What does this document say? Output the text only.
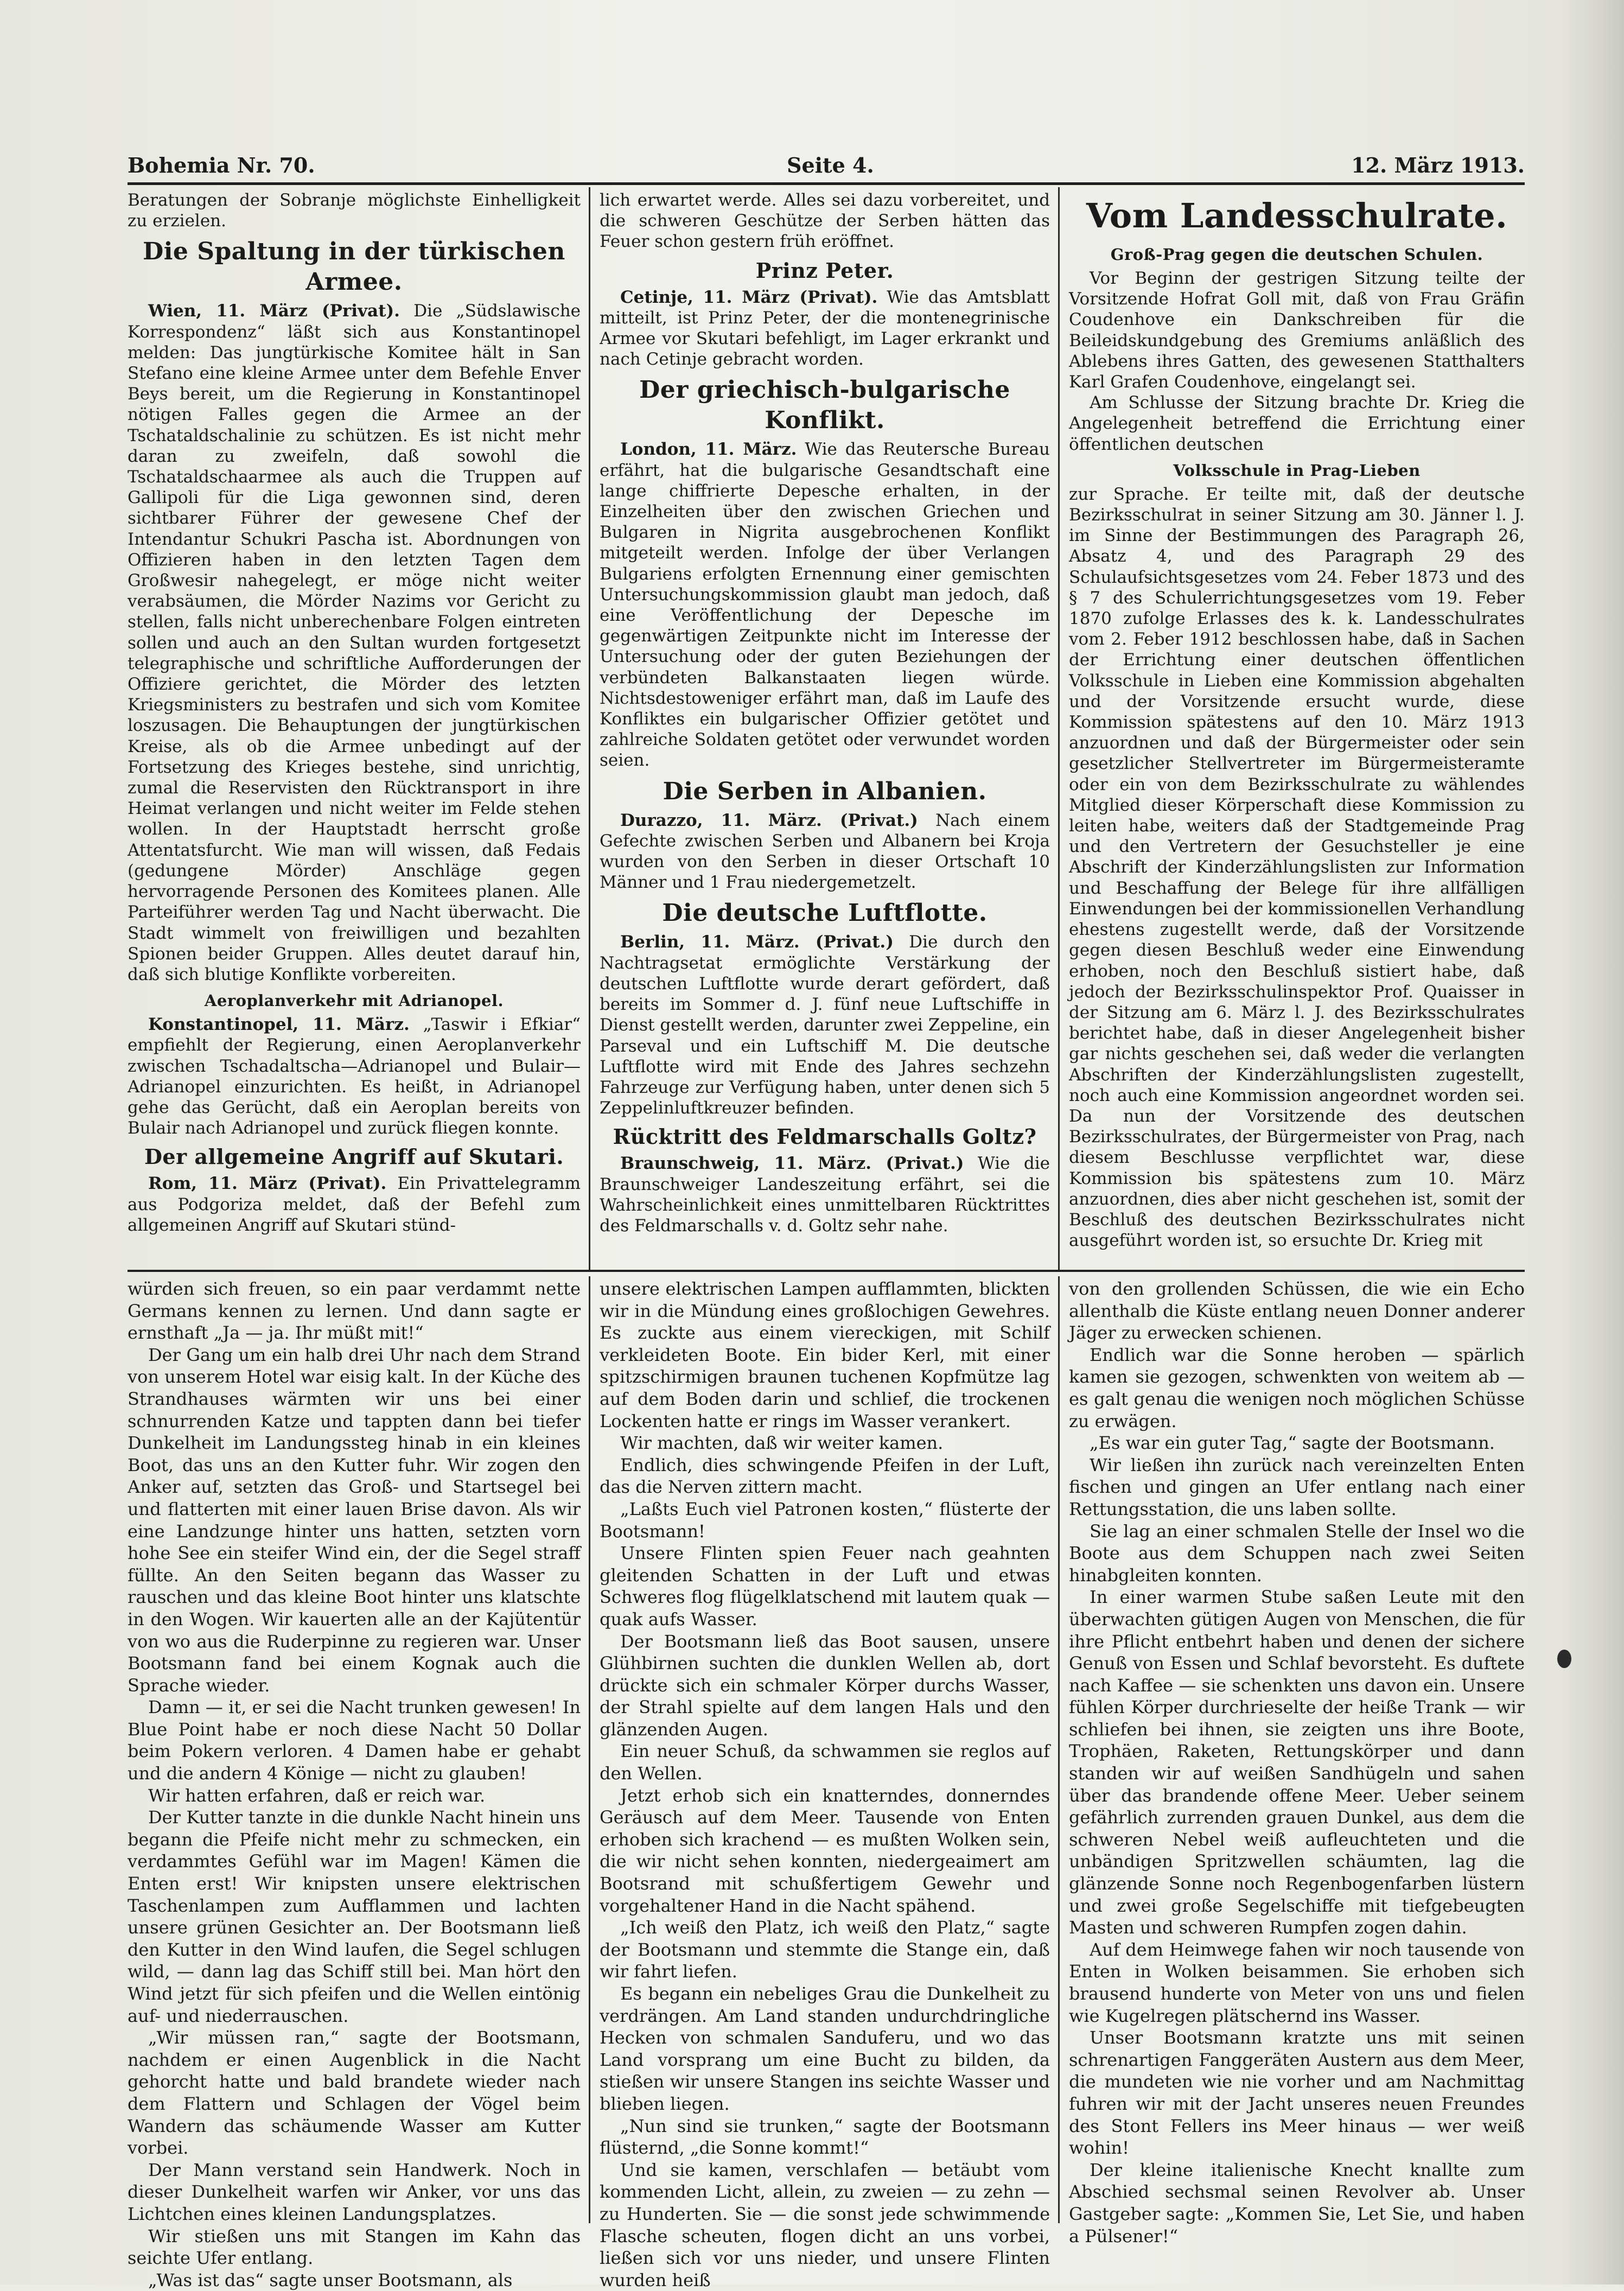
Bohemia Nr. 70.	Seite 4.	12. März 1913.

Beratungen der Sobranje möglichste Einhelligkeit zu erzielen.

Die Spaltung in der türkischen Armee.

Wien, 11. März (Privat). Die „Südslawische Korrespondenz“ läßt sich aus Konstantinopel melden: Das jungtürkische Komitee hält in San Stefano eine kleine Armee unter dem Befehle Enver Beys bereit, um die Regierung in Konstantinopel nötigen Falles gegen die Armee an der Tschataldschalinie zu schützen. Es ist nicht mehr daran zu zweifeln, daß sowohl die Tschataldschaarmee als auch die Truppen auf Gallipoli für die Liga gewonnen sind, deren sichtbarer Führer der gewesene Chef der Intendantur Schukri Pascha ist. Abordnungen von Offizieren haben in den letzten Tagen dem Großwesir nahegelegt, er möge nicht weiter verabsäumen, die Mörder Nazims vor Gericht zu stellen, falls nicht unberechenbare Folgen eintreten sollen und auch an den Sultan wurden fortgesetzt telegraphische und schriftliche Aufforderungen der Offiziere gerichtet, die Mörder des letzten Kriegsministers zu bestrafen und sich vom Komitee loszusagen. Die Behauptungen der jungtürkischen Kreise, als ob die Armee unbedingt auf der Fortsetzung des Krieges bestehe, sind unrichtig, zumal die Reservisten den Rücktransport in ihre Heimat verlangen und nicht weiter im Felde stehen wollen. In der Hauptstadt herrscht große Attentatsfurcht. Wie man will wissen, daß Fedais (gedungene Mörder) Anschläge gegen hervorragende Personen des Komitees planen. Alle Parteiführer werden Tag und Nacht überwacht. Die Stadt wimmelt von freiwilligen und bezahlten Spionen beider Gruppen. Alles deutet darauf hin, daß sich blutige Konflikte vorbereiten.

Aeroplanverkehr mit Adrianopel.

Konstantinopel, 11. März. „Taswir i Efkiar“ empfiehlt der Regierung, einen Aeroplanverkehr zwischen Tschadaltscha—Adrianopel und Bulair—Adrianopel einzurichten. Es heißt, in Adrianopel gehe das Gerücht, daß ein Aeroplan bereits von Bulair nach Adrianopel und zurück fliegen konnte.

Der allgemeine Angriff auf Skutari.

Rom, 11. März (Privat). Ein Privattelegramm aus Podgoriza meldet, daß der Befehl zum allgemeinen Angriff auf Skutari stünd-

lich erwartet werde. Alles sei dazu vorbereitet, und die schweren Geschütze der Serben hätten das Feuer schon gestern früh eröffnet.

Prinz Peter.

Cetinje, 11. März (Privat). Wie das Amtsblatt mitteilt, ist Prinz Peter, der die montenegrinische Armee vor Skutari befehligt, im Lager erkrankt und nach Cetinje gebracht worden.

Der griechisch-bulgarische Konflikt.

London, 11. März. Wie das Reutersche Bureau erfährt, hat die bulgarische Gesandtschaft eine lange chiffrierte Depesche erhalten, in der Einzelheiten über den zwischen Griechen und Bulgaren in Nigrita ausgebrochenen Konflikt mitgeteilt werden. Infolge der über Verlangen Bulgariens erfolgten Ernennung einer gemischten Untersuchungskommission glaubt man jedoch, daß eine Veröffentlichung der Depesche im gegenwärtigen Zeitpunkte nicht im Interesse der Untersuchung oder der guten Beziehungen der verbündeten Balkanstaaten liegen würde. Nichtsdestoweniger erfährt man, daß im Laufe des Konfliktes ein bulgarischer Offizier getötet und zahlreiche Soldaten getötet oder verwundet worden seien.

Die Serben in Albanien.

Durazzo, 11. März. (Privat.) Nach einem Gefechte zwischen Serben und Albanern bei Kroja wurden von den Serben in dieser Ortschaft 10 Männer und 1 Frau niedergemetzelt.

Die deutsche Luftflotte.

Berlin, 11. März. (Privat.) Die durch den Nachtragsetat ermöglichte Verstärkung der deutschen Luftflotte wurde derart gefördert, daß bereits im Sommer d. J. fünf neue Luftschiffe in Dienst gestellt werden, darunter zwei Zeppeline, ein Parseval und ein Luftschiff M. Die deutsche Luftflotte wird mit Ende des Jahres sechzehn Fahrzeuge zur Verfügung haben, unter denen sich 5 Zeppelinluftkreuzer befinden.

Rücktritt des Feldmarschalls Goltz?

Braunschweig, 11. März. (Privat.) Wie die Braunschweiger Landeszeitung erfährt, sei die Wahrscheinlichkeit eines unmittelbaren Rücktrittes des Feldmarschalls v. d. Goltz sehr nahe.

Vom Landesschulrate.
Groß-Prag gegen die deutschen Schulen.

Vor Beginn der gestrigen Sitzung teilte der Vorsitzende Hofrat Goll mit, daß von Frau Gräfin Coudenhove ein Dankschreiben für die Beileidskundgebung des Gremiums anläßlich des Ablebens ihres Gatten, des gewesenen Statthalters Karl Grafen Coudenhove, eingelangt sei.

Am Schlusse der Sitzung brachte Dr. Krieg die Angelegenheit betreffend die Errichtung einer öffentlichen deutschen

Volksschule in Prag-Lieben

zur Sprache. Er teilte mit, daß der deutsche Bezirksschulrat in seiner Sitzung am 30. Jänner l. J. im Sinne der Bestimmungen des Paragraph 26, Absatz 4, und des Paragraph 29 des Schulaufsichtsgesetzes vom 24. Feber 1873 und des § 7 des Schulerrichtungsgesetzes vom 19. Feber 1870 zufolge Erlasses des k. k. Landesschulrates vom 2. Feber 1912 beschlossen habe, daß in Sachen der Errichtung einer deutschen öffentlichen Volksschule in Lieben eine Kommission abgehalten und der Vorsitzende ersucht wurde, diese Kommission spätestens auf den 10. März 1913 anzuordnen und daß der Bürgermeister oder sein gesetzlicher Stellvertreter im Bürgermeisteramte oder ein von dem Bezirksschulrate zu wählendes Mitglied dieser Körperschaft diese Kommission zu leiten habe, weiters daß der Stadtgemeinde Prag und den Vertretern der Gesuchsteller je eine Abschrift der Kinderzählungslisten zur Information und Beschaffung der Belege für ihre allfälligen Einwendungen bei der kommissionellen Verhandlung ehestens zugestellt werde, daß der Vorsitzende gegen diesen Beschluß weder eine Einwendung erhoben, noch den Beschluß sistiert habe, daß jedoch der Bezirksschulinspektor Prof. Quaisser in der Sitzung am 6. März l. J. des Bezirksschulrates berichtet habe, daß in dieser Angelegenheit bisher gar nichts geschehen sei, daß weder die verlangten Abschriften der Kinderzählungslisten zugestellt, noch auch eine Kommission angeordnet worden sei. Da nun der Vorsitzende des deutschen Bezirksschulrates, der Bürgermeister von Prag, nach diesem Beschlusse verpflichtet war, diese Kommission bis spätestens zum 10. März anzuordnen, dies aber nicht geschehen ist, somit der Beschluß des deutschen Bezirksschulrates nicht ausgeführt worden ist, so ersuchte Dr. Krieg mit

würden sich freuen, so ein paar verdammt nette Germans kennen zu lernen. Und dann sagte er ernsthaft „Ja — ja. Ihr müßt mit!“

Der Gang um ein halb drei Uhr nach dem Strand von unserem Hotel war eisig kalt. In der Küche des Strandhauses wärmten wir uns bei einer schnurrenden Katze und tappten dann bei tiefer Dunkelheit im Landungssteg hinab in ein kleines Boot, das uns an den Kutter fuhr. Wir zogen den Anker auf, setzten das Groß- und Startsegel bei und flatterten mit einer lauen Brise davon. Als wir eine Landzunge hinter uns hatten, setzten vorn hohe See ein steifer Wind ein, der die Segel straff füllte. An den Seiten begann das Wasser zu rauschen und das kleine Boot hinter uns klatschte in den Wogen. Wir kauerten alle an der Kajütentür von wo aus die Ruderpinne zu regieren war. Unser Bootsmann fand bei einem Kognak auch die Sprache wieder.

Damn — it, er sei die Nacht trunken gewesen! In Blue Point habe er noch diese Nacht 50 Dollar beim Pokern verloren. 4 Damen habe er gehabt und die andern 4 Könige — nicht zu glauben!

Wir hatten erfahren, daß er reich war.

Der Kutter tanzte in die dunkle Nacht hinein uns begann die Pfeife nicht mehr zu schmecken, ein verdammtes Gefühl war im Magen! Kämen die Enten erst! Wir knipsten unsere elektrischen Taschenlampen zum Aufflammen und lachten unsere grünen Gesichter an. Der Bootsmann ließ den Kutter in den Wind laufen, die Segel schlugen wild, — dann lag das Schiff still bei. Man hört den Wind jetzt für sich pfeifen und die Wellen eintönig auf- und niederrauschen.

„Wir müssen ran,“ sagte der Bootsmann, nachdem er einen Augenblick in die Nacht gehorcht hatte und bald brandete wieder nach dem Flattern und Schlagen der Vögel beim Wandern das schäumende Wasser am Kutter vorbei.

Der Mann verstand sein Handwerk. Noch in dieser Dunkelheit warfen wir Anker, vor uns das Lichtchen eines kleinen Landungsplatzes.

Wir stießen uns mit Stangen im Kahn das seichte Ufer entlang.

„Was ist das“ sagte unser Bootsmann, als

unsere elektrischen Lampen aufflammten, blickten wir in die Mündung eines großlochigen Gewehres. Es zuckte aus einem viereckigen, mit Schilf verkleideten Boote. Ein bider Kerl, mit einer spitzschirmigen braunen tuchenen Kopfmütze lag auf dem Boden darin und schlief, die trockenen Lockenten hatte er rings im Wasser verankert.

Wir machten, daß wir weiter kamen.

Endlich, dies schwingende Pfeifen in der Luft, das die Nerven zittern macht.

„Laßts Euch viel Patronen kosten,“ flüsterte der Bootsmann!

Unsere Flinten spien Feuer nach geahnten gleitenden Schatten in der Luft und etwas Schweres flog flügelklatschend mit lautem quak — quak aufs Wasser.

Der Bootsmann ließ das Boot sausen, unsere Glühbirnen suchten die dunklen Wellen ab, dort drückte sich ein schmaler Körper durchs Wasser, der Strahl spielte auf dem langen Hals und den glänzenden Augen.

Ein neuer Schuß, da schwammen sie reglos auf den Wellen.

Jetzt erhob sich ein knatterndes, donnerndes Geräusch auf dem Meer. Tausende von Enten erhoben sich krachend — es mußten Wolken sein, die wir nicht sehen konnten, niedergeaimert am Bootsrand mit schußfertigem Gewehr und vorgehaltener Hand in die Nacht spähend.

„Ich weiß den Platz, ich weiß den Platz,“ sagte der Bootsmann und stemmte die Stange ein, daß wir fahrt liefen.

Es begann ein nebeliges Grau die Dunkelheit zu verdrängen. Am Land standen undurchdringliche Hecken von schmalen Sanduferu, und wo das Land vorsprang um eine Bucht zu bilden, da stießen wir unsere Stangen ins seichte Wasser und blieben liegen.

„Nun sind sie trunken,“ sagte der Bootsmann flüsternd, „die Sonne kommt!“

Und sie kamen, verschlafen — betäubt vom kommenden Licht, allein, zu zweien — zu zehn — zu Hunderten. Sie — die sonst jede schwimmende Flasche scheuten, flogen dicht an uns vorbei, ließen sich vor uns nieder, und unsere Flinten wurden heiß

von den grollenden Schüssen, die wie ein Echo allenthalb die Küste entlang neuen Donner anderer Jäger zu erwecken schienen.

Endlich war die Sonne heroben — spärlich kamen sie gezogen, schwenkten von weitem ab — es galt genau die wenigen noch möglichen Schüsse zu erwägen.

„Es war ein guter Tag,“ sagte der Bootsmann.

Wir ließen ihn zurück nach vereinzelten Enten fischen und gingen an Ufer entlang nach einer Rettungsstation, die uns laben sollte.

Sie lag an einer schmalen Stelle der Insel wo die Boote aus dem Schuppen nach zwei Seiten hinabgleiten konnten.

In einer warmen Stube saßen Leute mit den überwachten gütigen Augen von Menschen, die für ihre Pflicht entbehrt haben und denen der sichere Genuß von Essen und Schlaf bevorsteht. Es duftete nach Kaffee — sie schenkten uns davon ein. Unsere fühlen Körper durchrieselte der heiße Trank — wir schliefen bei ihnen, sie zeigten uns ihre Boote, Trophäen, Raketen, Rettungskörper und dann standen wir auf weißen Sandhügeln und sahen über das brandende offene Meer. Ueber seinem gefährlich zurrenden grauen Dunkel, aus dem die schweren Nebel weiß aufleuchteten und die unbändigen Spritzwellen schäumten, lag die glänzende Sonne noch Regenbogenfarben lüstern und zwei große Segelschiffe mit tiefgebeugten Masten und schweren Rumpfen zogen dahin.

Auf dem Heimwege fahen wir noch tausende von Enten in Wolken beisammen. Sie erhoben sich brausend hunderte von Meter von uns und fielen wie Kugelregen plätschernd ins Wasser.

Unser Bootsmann kratzte uns mit seinen schrenartigen Fanggeräten Austern aus dem Meer, die mundeten wie nie vorher und am Nachmittag fuhren wir mit der Jacht unseres neuen Freundes des Stont Fellers ins Meer hinaus — wer weiß wohin!

Der kleine italienische Knecht knallte zum Abschied sechsmal seinen Revolver ab. Unser Gastgeber sagte: „Kommen Sie, Let Sie, und haben a Pülsener!“
